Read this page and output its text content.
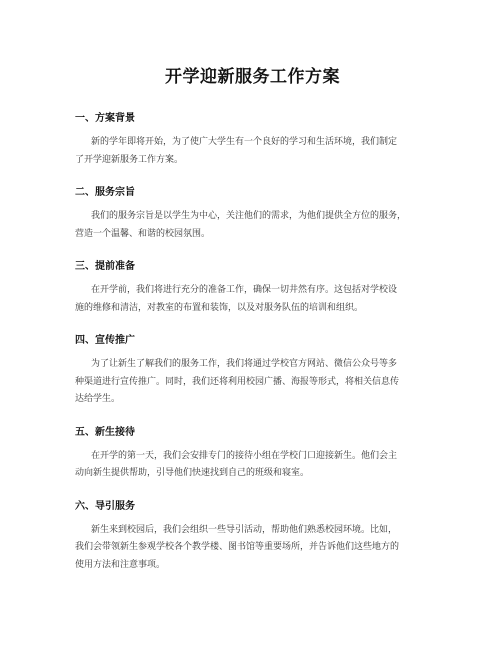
开学迎新服务工作方案
一、方案背景
新的学年即将开始，为了使广大学生有一个良好的学习和生活环境，我们制定
了开学迎新服务工作方案。
二、服务宗旨
我们的服务宗旨是以学生为中心，关注他们的需求，为他们提供全方位的服务，
营造一个温馨、和谐的校园氛围。
三、提前准备
在开学前，我们将进行充分的准备工作，确保一切井然有序。这包括对学校设
施的维修和清洁，对教室的布置和装饰，以及对服务队伍的培训和组织。
四、宣传推广
为了让新生了解我们的服务工作，我们将通过学校官方网站、微信公众号等多
种渠道进行宣传推广。同时，我们还将利用校园广播、海报等形式，将相关信息传
达给学生。
五、新生接待
在开学的第一天，我们会安排专门的接待小组在学校门口迎接新生。他们会主
动向新生提供帮助，引导他们快速找到自己的班级和寝室。
六、导引服务
新生来到校园后，我们会组织一些导引活动，帮助他们熟悉校园环境。比如，
我们会带领新生参观学校各个教学楼、图书馆等重要场所，并告诉他们这些地方的
使用方法和注意事项。
